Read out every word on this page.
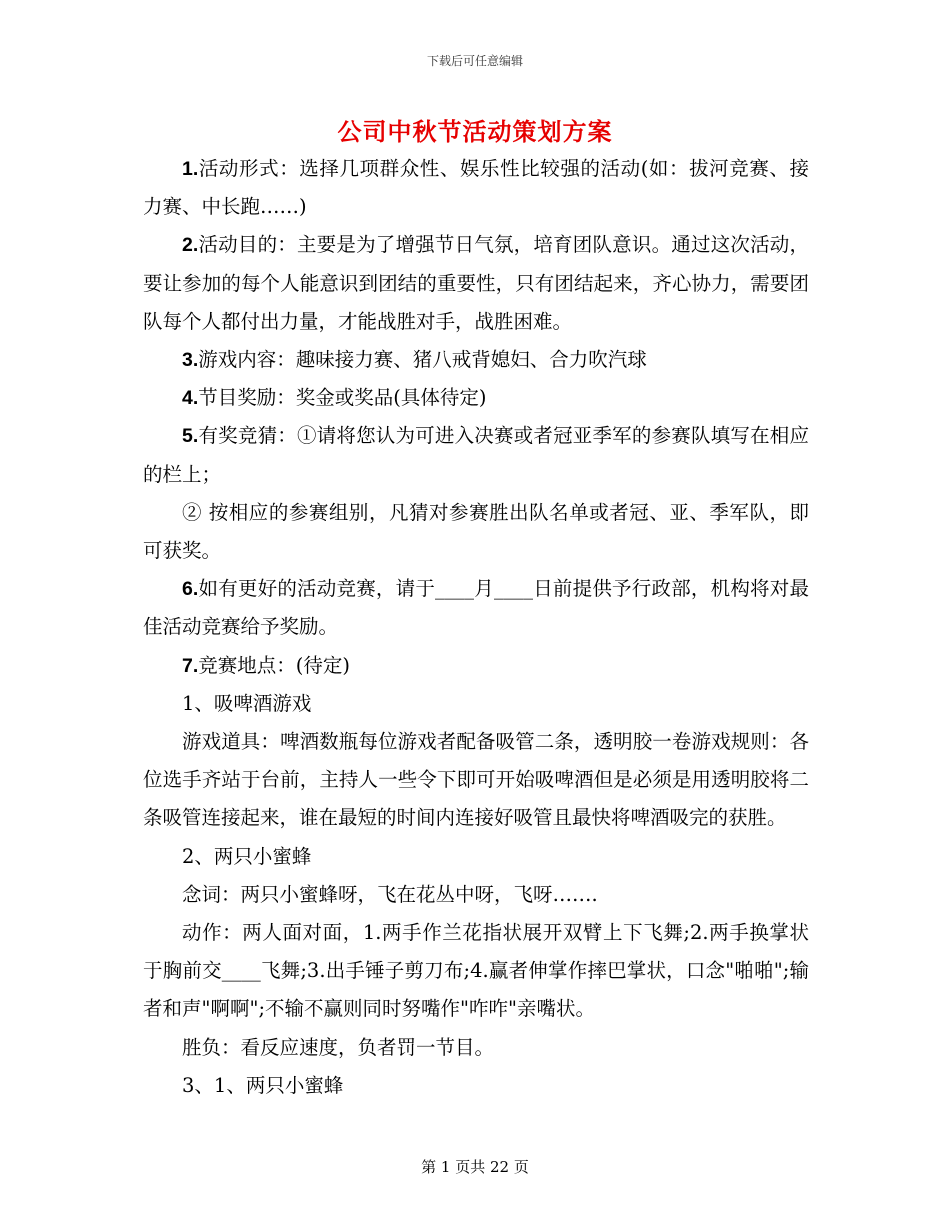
下载后可任意编辑
公司中秋节活动策划方案

1.活动形式：选择几项群众性、娱乐性比较强的活动(如：拔河竞赛、接力赛、中长跑……)

2.活动目的：主要是为了增强节日气氛，培育团队意识。通过这次活动，要让参加的每个人能意识到团结的重要性，只有团结起来，齐心协力，需要团队每个人都付出力量，才能战胜对手，战胜困难。

3.游戏内容：趣味接力赛、猪八戒背媳妇、合力吹汽球

4.节目奖励：奖金或奖品(具体待定)

5.有奖竞猜：①请将您认为可进入决赛或者冠亚季军的参赛队填写在相应的栏上；

② 按相应的参赛组别，凡猜对参赛胜出队名单或者冠、亚、季军队，即可获奖。

6.如有更好的活动竞赛，请于____月____日前提供予行政部，机构将对最佳活动竞赛给予奖励。

7.竞赛地点：(待定)

1、吸啤酒游戏

游戏道具：啤酒数瓶每位游戏者配备吸管二条，透明胶一卷游戏规则：各位选手齐站于台前，主持人一些令下即可开始吸啤酒但是必须是用透明胶将二条吸管连接起来，谁在最短的时间内连接好吸管且最快将啤酒吸完的获胜。

2、两只小蜜蜂

念词：两只小蜜蜂呀，飞在花丛中呀，飞呀…….

动作：两人面对面，1.两手作兰花指状展开双臂上下飞舞;2.两手换掌状于胸前交____飞舞;3.出手锤子剪刀布;4.赢者伸掌作摔巴掌状，口念"啪啪";输者和声"啊啊";不输不赢则同时努嘴作"咋咋"亲嘴状。

胜负：看反应速度，负者罚一节目。

3、1、两只小蜜蜂

第 1 页共 22 页
